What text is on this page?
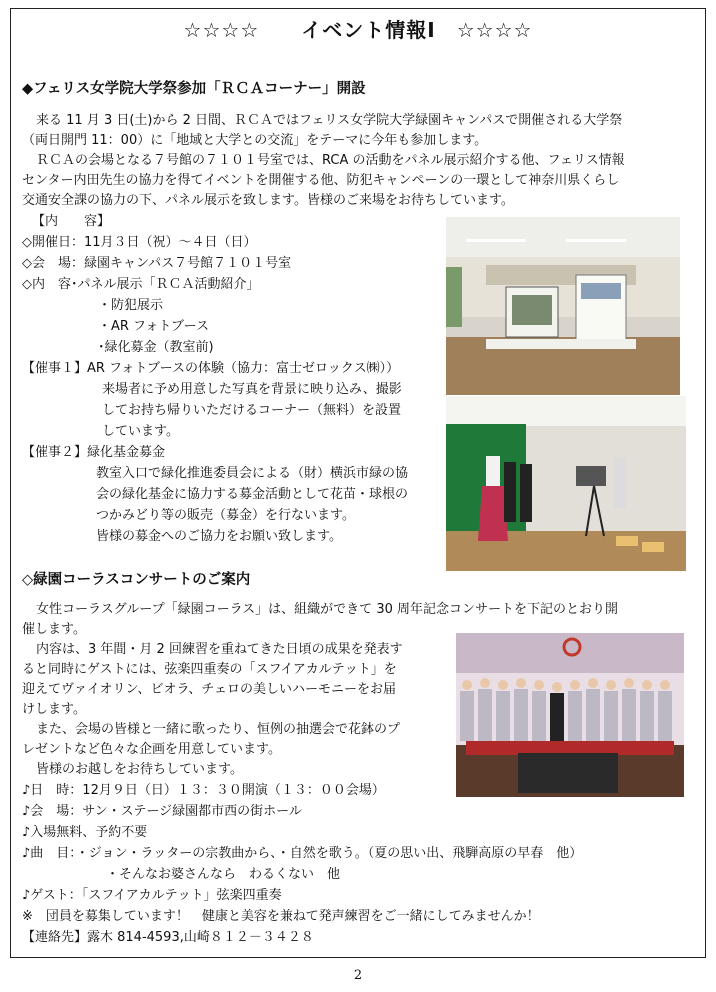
☆☆☆☆　　イベント情報Ⅰ　☆☆☆☆
◆フェリス女学院大学祭参加「ＲＣＡコーナー」開設
来る 11 月 3 日(土)から 2 日間、ＲＣＡではフェリス女学院大学緑園キャンパスで開催される大学祭
（両日開門 11：00）に「地域と大学との交流」をテーマに今年も参加します。
ＲＣＡの会場となる７号館の７１０１号室では、RCA の活動をパネル展示紹介する他、フェリス情報
センター内田先生の協力を得てイベントを開催する他、防犯キャンペーンの一環として神奈川県くらし
交通安全課の協力の下、パネル展示を致します。皆様のご来場をお待ちしています。
【内　　容】
◇開催日：11月３日（祝）～４日（日）
◇会　場：緑園キャンパス７号館７１０１号室
◇内　容･パネル展示「ＲＣＡ活動紹介」
・防犯展示
・AR フォトブース
･緑化募金（教室前)
【催事１】AR フォトブースの体験（協力：富士ゼロックス㈱））
来場者に予め用意した写真を背景に映り込み、撮影
してお持ち帰りいただけるコーナー（無料）を設置
しています。
【催事２】緑化基金募金
教室入口で緑化推進委員会による（財）横浜市緑の協
会の緑化基金に協力する募金活動として花苗・球根の
つかみどり等の販売（募金）を行ないます。
皆様の募金へのご協力をお願い致します。
◇緑園コーラスコンサートのご案内
女性コーラスグループ「緑園コーラス」は、組織ができて 30 周年記念コンサートを下記のとおり開
催します。
内容は、3 年間・月 2 回練習を重ねてきた日頃の成果を発表す
ると同時にゲストには、弦楽四重奏の「スフイアカルテット」を
迎えてヴァイオリン、ビオラ、チェロの美しいハーモニーをお届
けします。
また、会場の皆様と一緒に歌ったり、恒例の抽選会で花鉢のプ
レゼントなど色々な企画を用意しています。
皆様のお越しをお待ちしています。
♪日　時：12月９日（日）１３：３０開演（１３：００会場）
♪会　場：サン・ステージ緑園都市西の街ホール
♪入場無料、予約不要
♪曲　目：・ジョン・ラッターの宗教曲から、・自然を歌う。（夏の思い出、飛騨高原の早春　他）
・そんなお婆さんなら　わるくない　他
♪ゲスト：「スフイアカルテット」弦楽四重奏
※　団員を募集しています！　健康と美容を兼ねて発声練習をご一緒にしてみませんか！
【連絡先】露木 814-4593,山崎８１２－３４２８
2
